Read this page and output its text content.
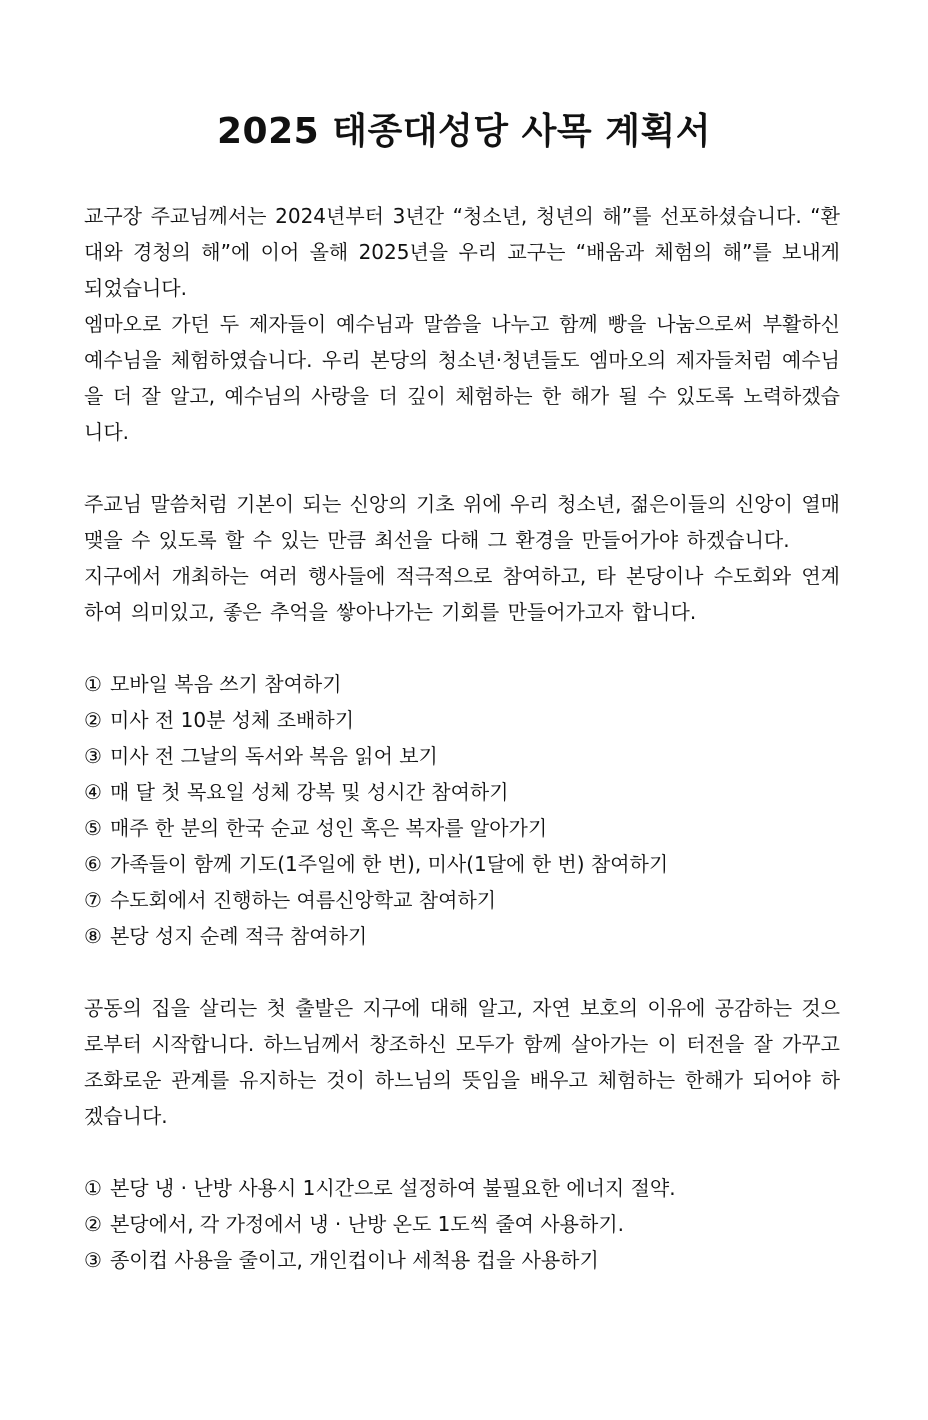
2025 태종대성당 사목 계획서

교구장 주교님께서는 2024년부터 3년간 “청소년, 청년의 해”를 선포하셨습니다. “환대와 경청의 해”에 이어 올해 2025년을 우리 교구는 “배움과 체험의 해”를 보내게 되었습니다.

엠마오로 가던 두 제자들이 예수님과 말씀을 나누고 함께 빵을 나눔으로써 부활하신 예수님을 체험하였습니다. 우리 본당의 청소년·청년들도 엠마오의 제자들처럼 예수님을 더 잘 알고, 예수님의 사랑을 더 깊이 체험하는 한 해가 될 수 있도록 노력하겠습니다.

주교님 말씀처럼 기본이 되는 신앙의 기초 위에 우리 청소년, 젊은이들의 신앙이 열매 맺을 수 있도록 할 수 있는 만큼 최선을 다해 그 환경을 만들어가야 하겠습니다.

지구에서 개최하는 여러 행사들에 적극적으로 참여하고, 타 본당이나 수도회와 연계하여 의미있고, 좋은 추억을 쌓아나가는 기회를 만들어가고자 합니다.

① 모바일 복음 쓰기 참여하기
② 미사 전 10분 성체 조배하기
③ 미사 전 그날의 독서와 복음 읽어 보기
④ 매 달 첫 목요일 성체 강복 및 성시간 참여하기
⑤ 매주 한 분의 한국 순교 성인 혹은 복자를 알아가기
⑥ 가족들이 함께 기도(1주일에 한 번), 미사(1달에 한 번) 참여하기
⑦ 수도회에서 진행하는 여름신앙학교 참여하기
⑧ 본당 성지 순례 적극 참여하기

공동의 집을 살리는 첫 출발은 지구에 대해 알고, 자연 보호의 이유에 공감하는 것으로부터 시작합니다. 하느님께서 창조하신 모두가 함께 살아가는 이 터전을 잘 가꾸고 조화로운 관계를 유지하는 것이 하느님의 뜻임을 배우고 체험하는 한해가 되어야 하겠습니다.

① 본당 냉 · 난방 사용시 1시간으로 설정하여 불필요한 에너지 절약.
② 본당에서, 각 가정에서 냉 · 난방 온도 1도씩 줄여 사용하기.
③ 종이컵 사용을 줄이고, 개인컵이나 세척용 컵을 사용하기
